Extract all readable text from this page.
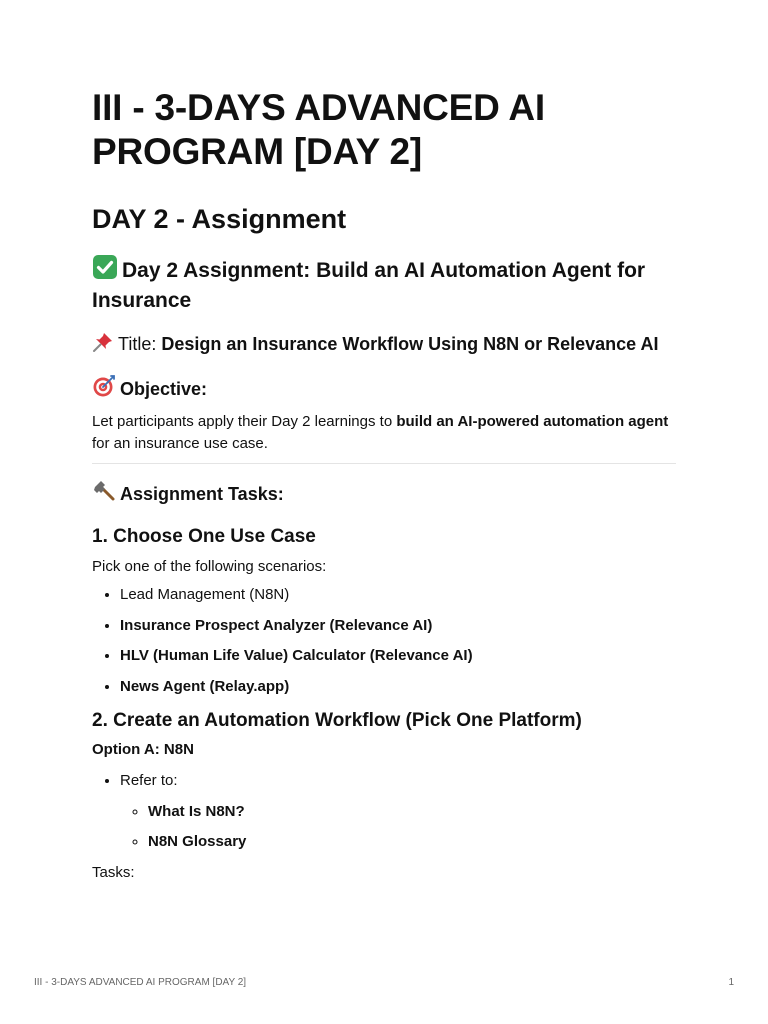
III - 3-DAYS ADVANCED AI PROGRAM [DAY 2]
DAY 2 - Assignment
Day 2 Assignment: Build an AI Automation Agent for Insurance
Title: Design an Insurance Workflow Using N8N or Relevance AI
Objective:

Let participants apply their Day 2 learnings to build an AI-powered automation agent for an insurance use case.

Assignment Tasks:
1. Choose One Use Case

Pick one of the following scenarios:

• Lead Management (N8N)
• Insurance Prospect Analyzer (Relevance AI)
• HLV (Human Life Value) Calculator (Relevance AI)
• News Agent (Relay.app)
2. Create an Automation Workflow (Pick One Platform)

Option A: N8N

• Refer to:
◦ What Is N8N?
◦ N8N Glossary

Tasks:

III - 3-DAYS ADVANCED AI PROGRAM [DAY 2]	1
